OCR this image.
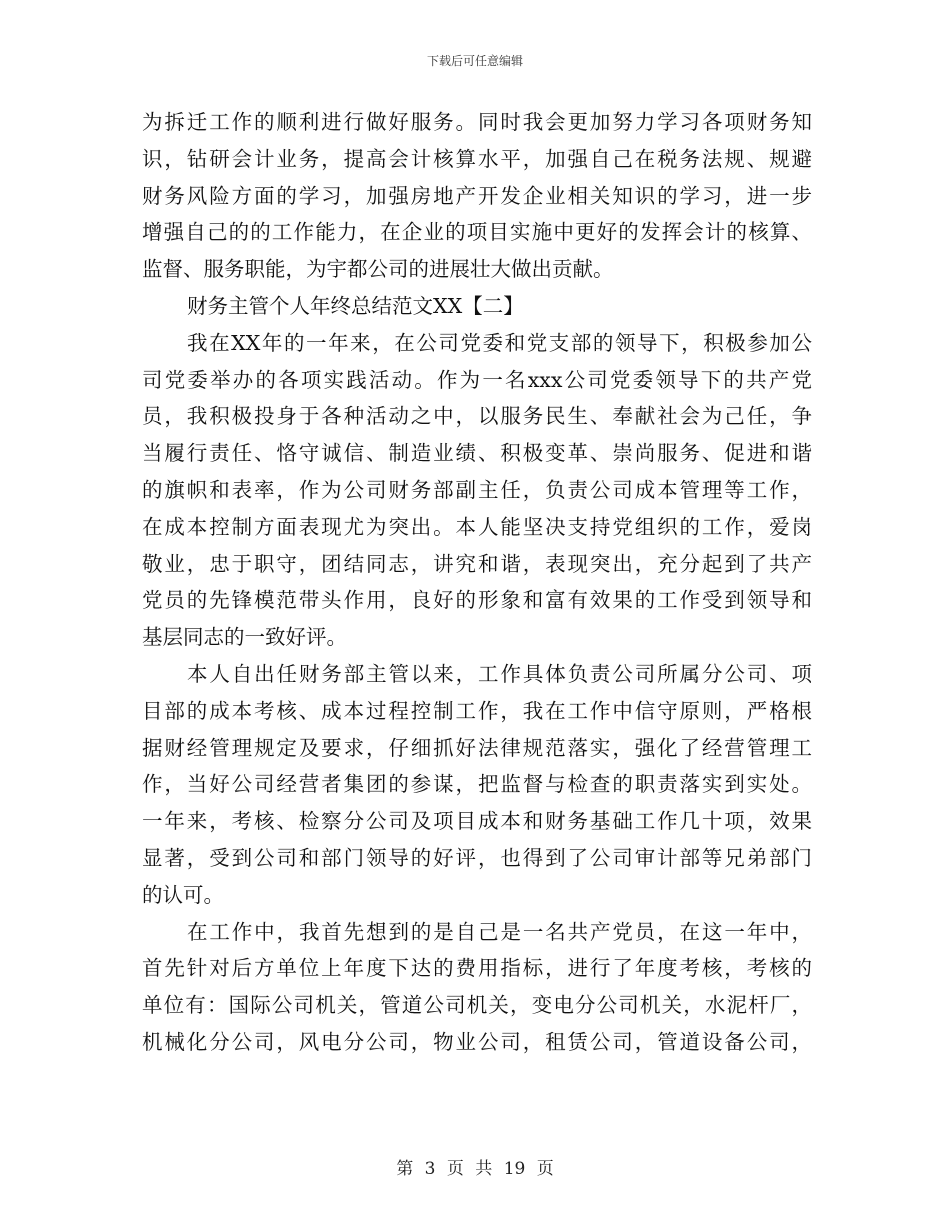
下载后可任意编辑
为拆迁工作的顺利进行做好服务。同时我会更加努力学习各项财务知
识，钻研会计业务，提高会计核算水平，加强自己在税务法规、规避
财务风险方面的学习，加强房地产开发企业相关知识的学习，进一步
增强自己的的工作能力，在企业的项目实施中更好的发挥会计的核算、
监督、服务职能，为宇都公司的进展壮大做出贡献。
财务主管个人年终总结范文XX【二】
我在XX年的一年来，在公司党委和党支部的领导下，积极参加公
司党委举办的各项实践活动。作为一名xxx公司党委领导下的共产党
员，我积极投身于各种活动之中，以服务民生、奉献社会为己任，争
当履行责任、恪守诚信、制造业绩、积极变革、崇尚服务、促进和谐
的旗帜和表率，作为公司财务部副主任，负责公司成本管理等工作，
在成本控制方面表现尤为突出。本人能坚决支持党组织的工作，爱岗
敬业，忠于职守，团结同志，讲究和谐，表现突出，充分起到了共产
党员的先锋模范带头作用，良好的形象和富有效果的工作受到领导和
基层同志的一致好评。
本人自出任财务部主管以来，工作具体负责公司所属分公司、项
目部的成本考核、成本过程控制工作，我在工作中信守原则，严格根
据财经管理规定及要求，仔细抓好法律规范落实，强化了经营管理工
作，当好公司经营者集团的参谋，把监督与检查的职责落实到实处。
一年来，考核、检察分公司及项目成本和财务基础工作几十项，效果
显著，受到公司和部门领导的好评，也得到了公司审计部等兄弟部门
的认可。
在工作中，我首先想到的是自己是一名共产党员，在这一年中，
首先针对后方单位上年度下达的费用指标，进行了年度考核，考核的
单位有：国际公司机关，管道公司机关，变电分公司机关，水泥杆厂，
机械化分公司，风电分公司，物业公司，租赁公司，管道设备公司，
第 3 页 共 19 页
